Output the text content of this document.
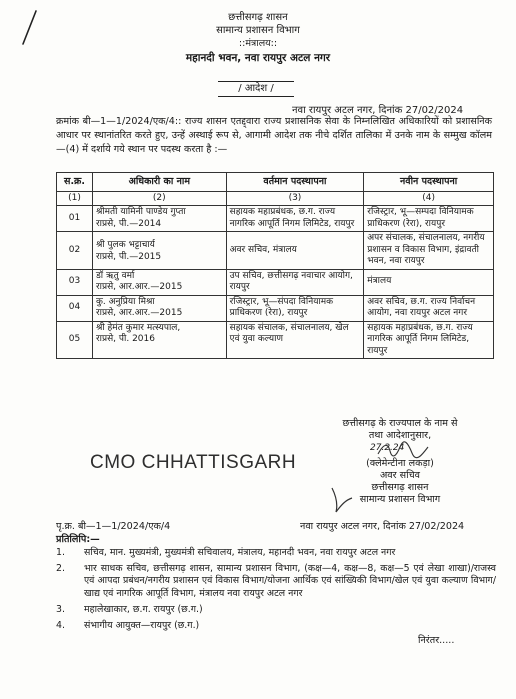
छत्तीसगढ़ शासन
सामान्य प्रशासन विभाग
::मंत्रालय::
महानदी भवन, नवा रायपुर अटल नगर
/ आदेश /
नवा रायपुर अटल नगर, दिनांक 27/02/2024

क्रमांक बी—1—1/2024/एक/4:: राज्य शासन एतद्द्वारा राज्य प्रशासनिक सेवा के निम्नलिखित अधिकारियों को प्रशासनिक आधार पर स्थानांतरित करते हुए, उन्हें अस्थाई रूप से, आगामी आदेश तक नीचे दर्शित तालिका में उनके नाम के सम्मुख कॉलम—(4) में दर्शाये गये स्थान पर पदस्थ करता है :—

स.क्र.	अधिकारी का नाम	वर्तमान पदस्थापना	नवीन पदस्थापना
(1)	(2)	(3)	(4)
01	श्रीमती यामिनी पाण्डेय गुप्ता
राप्रसे, पी.—2014	सहायक महाप्रबंधक, छ.ग. राज्य नागरिक आपूर्ति निगम लिमिटेड, रायपुर	रजिस्ट्रार, भू—सम्पदा विनियामक प्राधिकरण (रेरा), रायपुर
02	श्री पुलक भट्टाचार्य
राप्रसे, पी.—2015	अवर सचिव, मंत्रालय	अपर संचालक, संचालनालय, नगरीय प्रशासन व विकास विभाग, इंद्रावती भवन, नवा रायपुर
03	डॉ ऋतु वर्मा
राप्रसे, आर.आर.—2015	उप सचिव, छत्तीसगढ़ नवाचार आयोग, रायपुर	मंत्रालय
04	कु. अनुप्रिया मिश्रा
राप्रसे, आर.आर.—2015	रजिस्ट्रार, भू—संपदा विनियामक प्राधिकरण (रेरा), रायपुर	अवर सचिव, छ.ग. राज्य निर्वाचन आयोग, नवा रायपुर अटल नगर
05	श्री हेमंत कुमार मत्स्यपाल,
राप्रसे, पी. 2016	सहायक संचालक, संचालनालय, खेल एवं युवा कल्याण	सहायक महाप्रबंधक, छ.ग. राज्य नागरिक आपूर्ति निगम लिमिटेड, रायपुर
छत्तीसगढ़ के राज्यपाल के नाम से
तथा आदेशानुसार,
27.2.24
(क्लेमेन्टीना लकड़ा)
अवर सचिव
छत्तीसगढ़ शासन
सामान्य प्रशासन विभाग
CMO CHHATTISGARH
पृ.क्र. बी—1—1/2024/एक/4	नवा रायपुर अटल नगर, दिनांक 27/02/2024
प्रतिलिपि:—
1.	सचिव, मान. मुख्यमंत्री, मुख्यमंत्री सचिवालय, मंत्रालय, महानदी भवन, नवा रायपुर अटल नगर
2.	भार साधक सचिव, छत्तीसगढ़ शासन, सामान्य प्रशासन विभाग, (कक्ष—4, कक्ष—8, कक्ष—5 एवं लेखा शाखा)/राजस्व एवं आपदा प्रबंधन/नगरीय प्रशासन एवं विकास विभाग/योजना आर्थिक एवं सांख्यिकी विभाग/खेल एवं युवा कल्याण विभाग/खाद्य एवं नागरिक आपूर्ति विभाग, मंत्रालय नवा रायपुर अटल नगर
3.	महालेखाकार, छ.ग. रायपुर (छ.ग.)
4.	संभागीय आयुक्त—रायपुर (छ.ग.)
निरंतर.....
